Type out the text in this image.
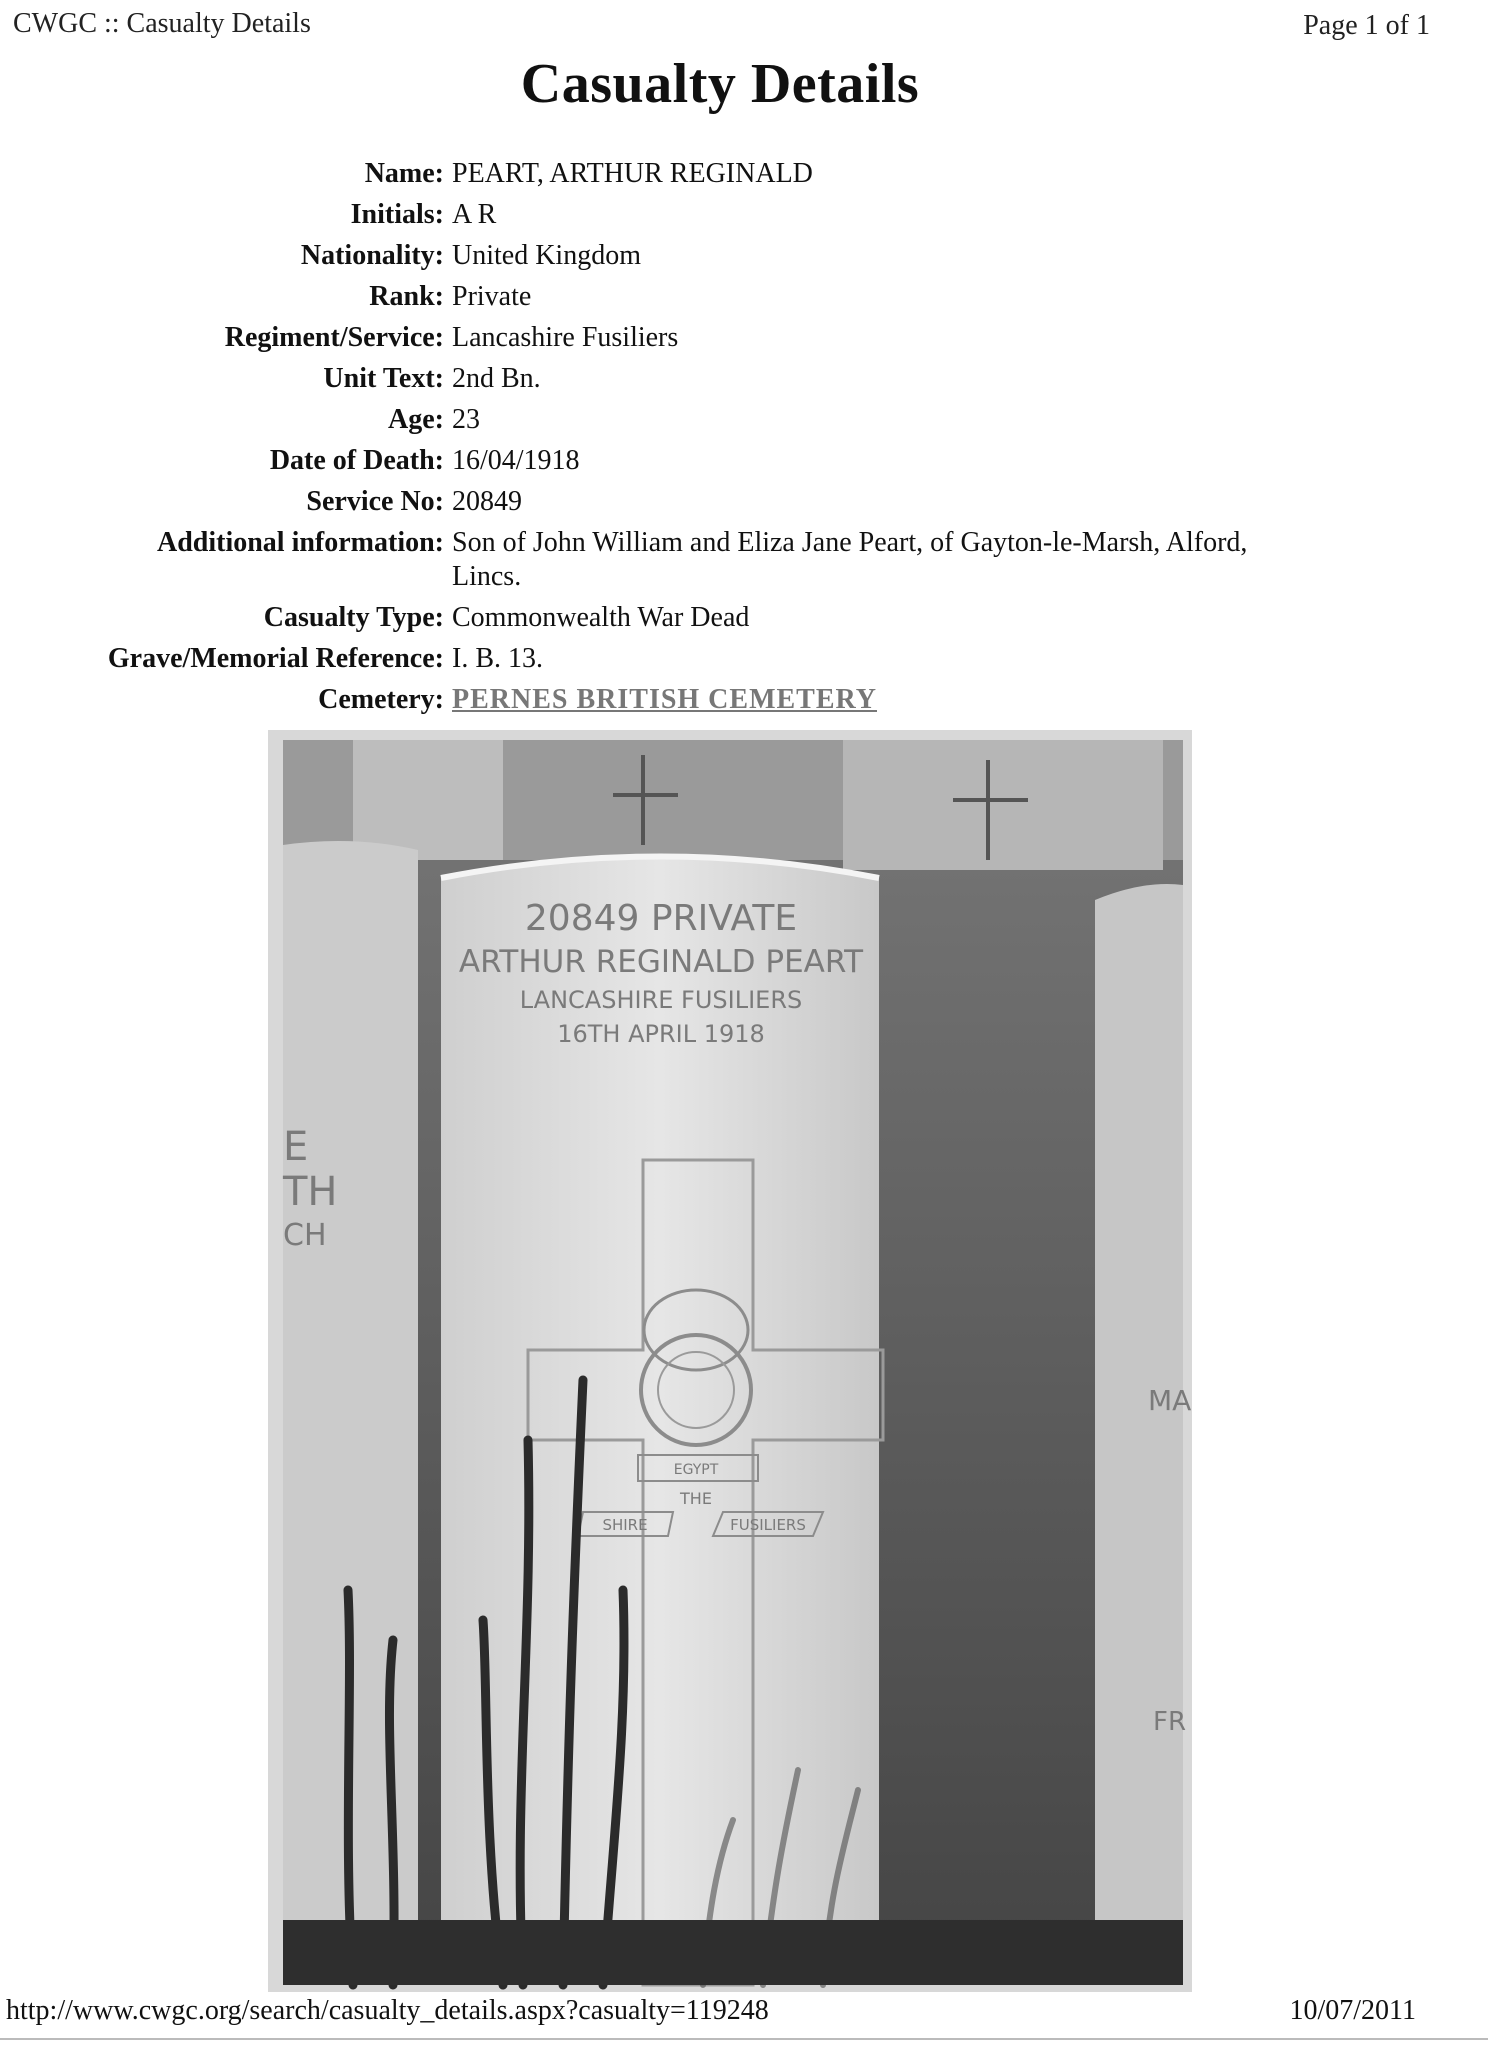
CWGC :: Casualty Details	Page 1 of 1
Casualty Details
Name: PEART, ARTHUR REGINALD
Initials: A R
Nationality: United Kingdom
Rank: Private
Regiment/Service: Lancashire Fusiliers
Unit Text: 2nd Bn.
Age: 23
Date of Death: 16/04/1918
Service No: 20849
Additional information: Son of John William and Eliza Jane Peart, of Gayton-le-Marsh, Alford, Lincs.
Casualty Type: Commonwealth War Dead
Grave/Memorial Reference: I. B. 13.
Cemetery: PERNES BRITISH CEMETERY
20849 PRIVATE
ARTHUR REGINALD PEART
LANCASHIRE FUSILIERS
16TH APRIL 1918
EGYPT
THE
SHIRE	FUSILIERS
E
TH
CH
MA
FR
http://www.cwgc.org/search/casualty_details.aspx?casualty=119248	10/07/2011
